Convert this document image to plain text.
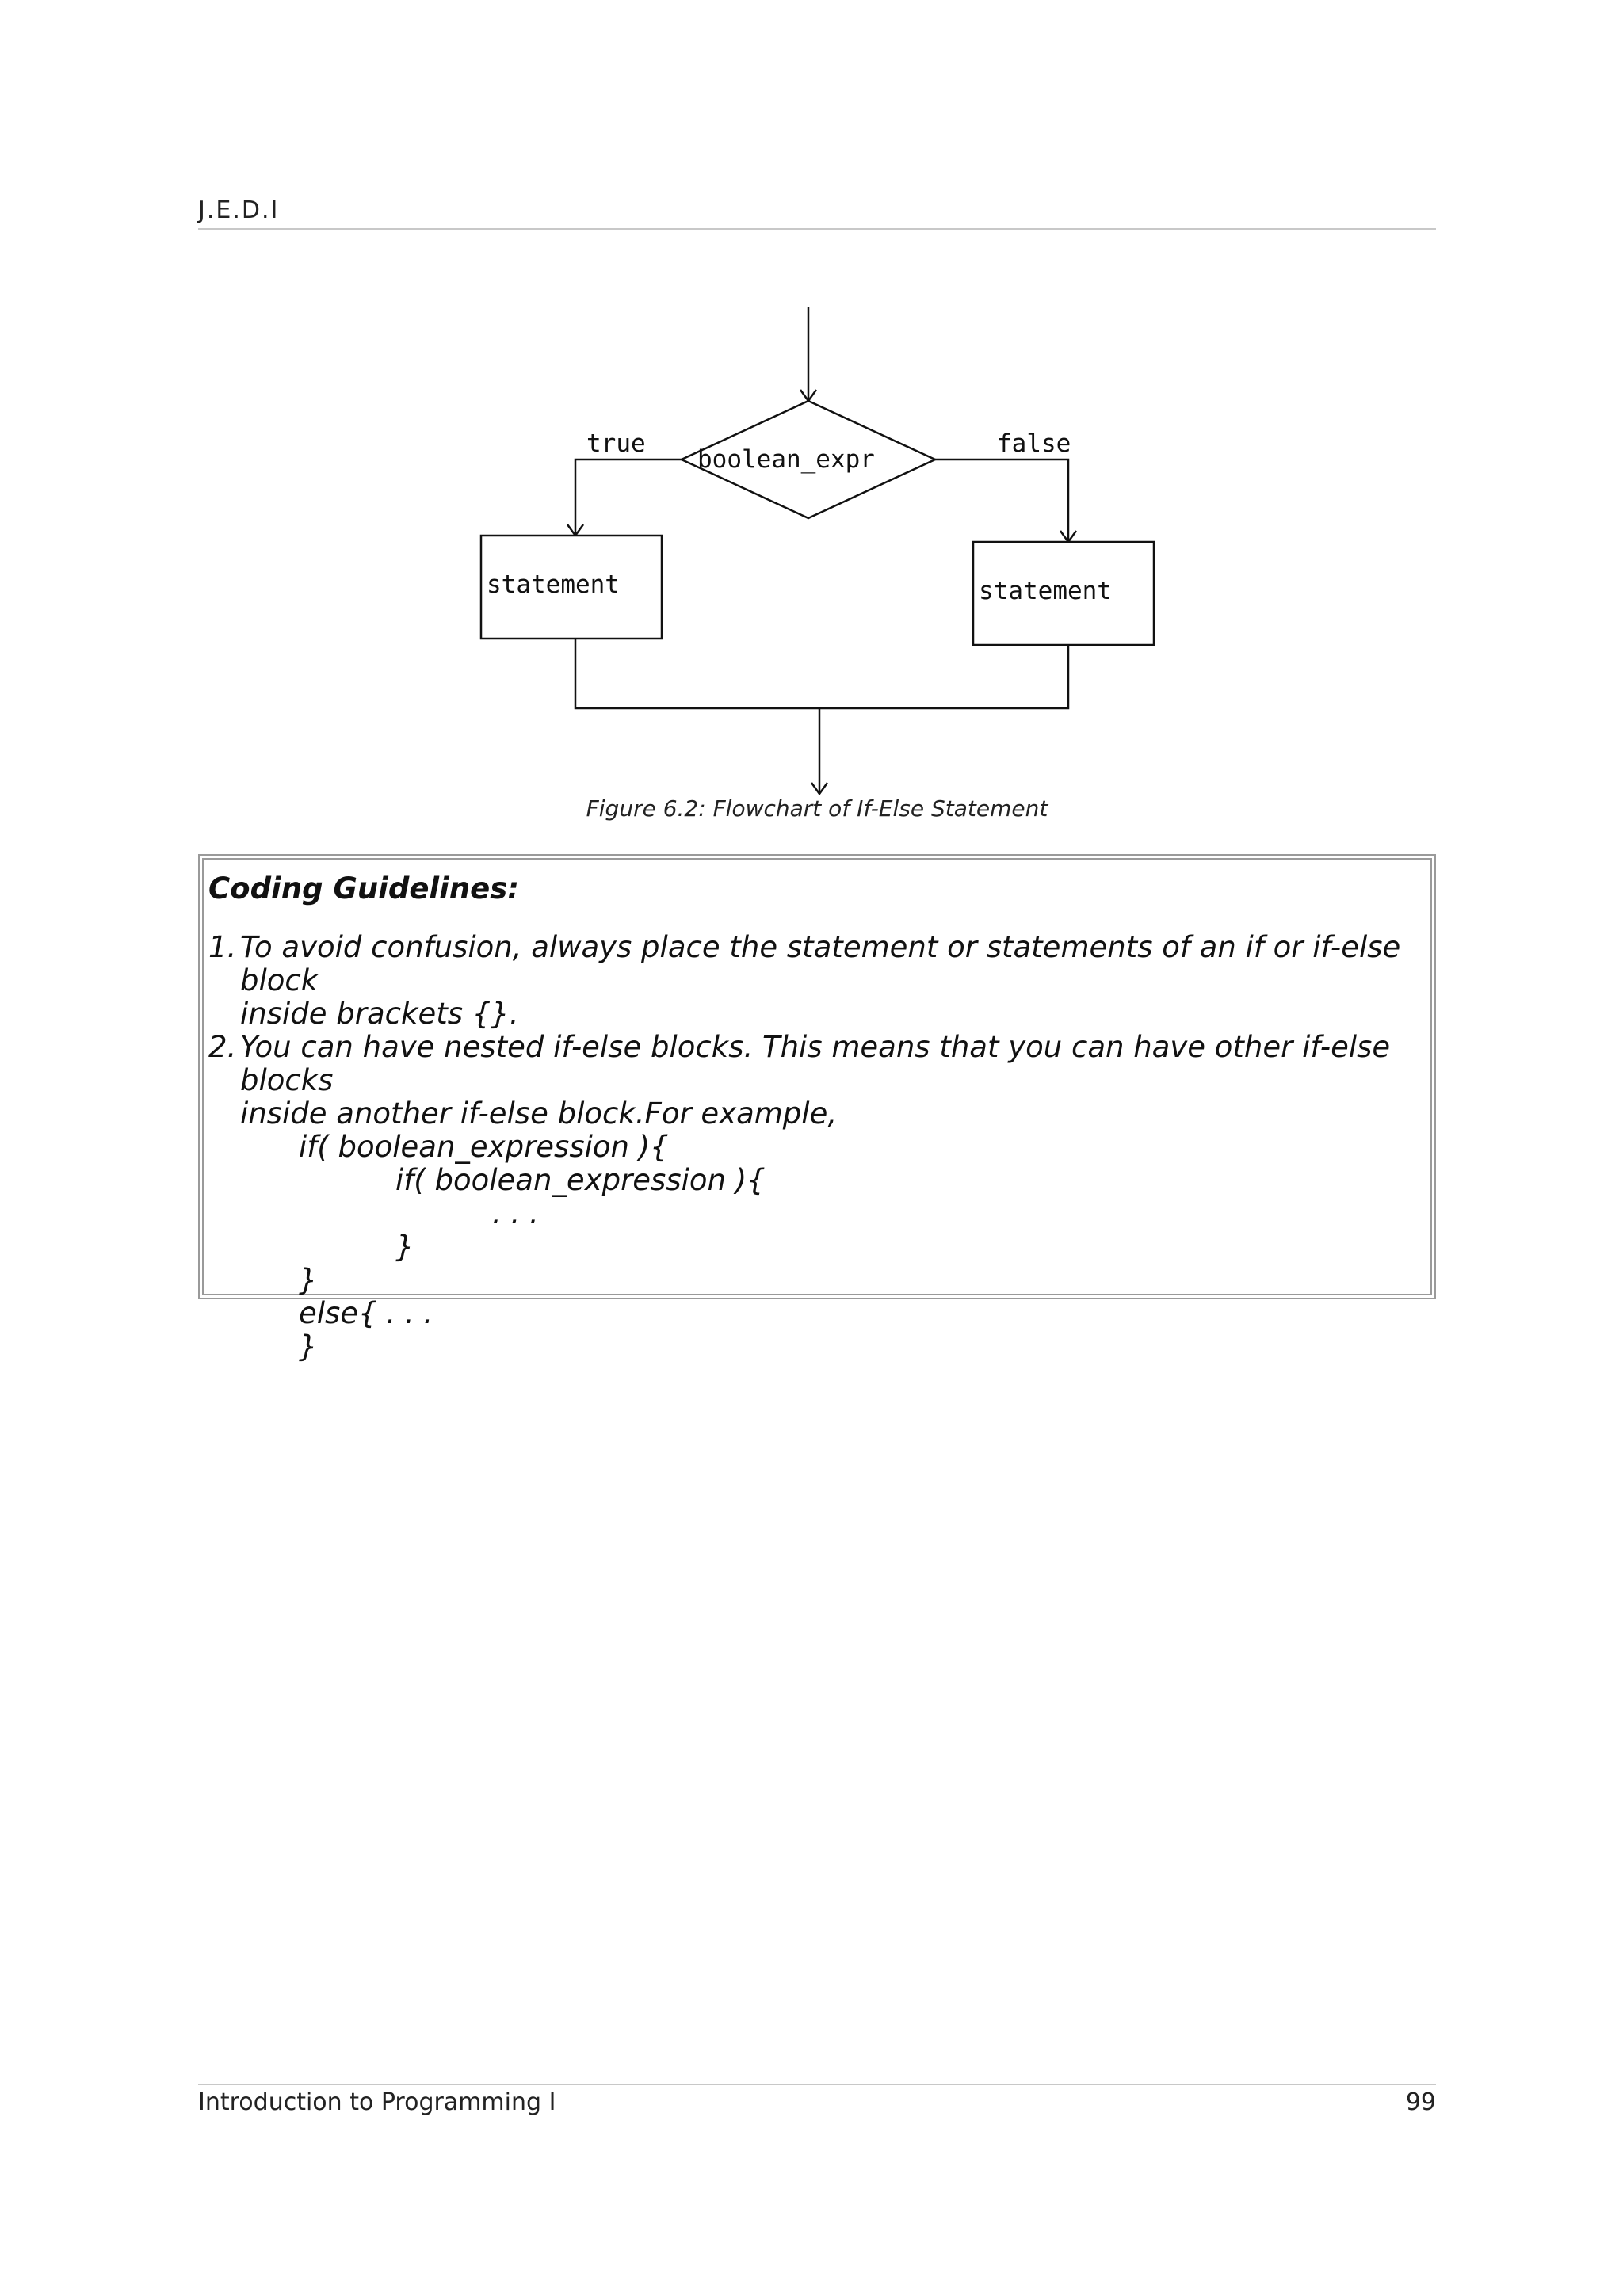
J.E.D.I
boolean_expr
true	false
statement	statement
Figure 6.2: Flowchart of If-Else Statement
Coding Guidelines:
1. To avoid confusion, always place the statement or statements of an if or if-else block
inside brackets {}.
2. You can have nested if-else blocks. This means that you can have other if-else blocks
inside another if-else block.For example,
if( boolean_expression ){
if( boolean_expression ){
. . .
}
}
else{ . . .
}
Introduction to Programming I	99
